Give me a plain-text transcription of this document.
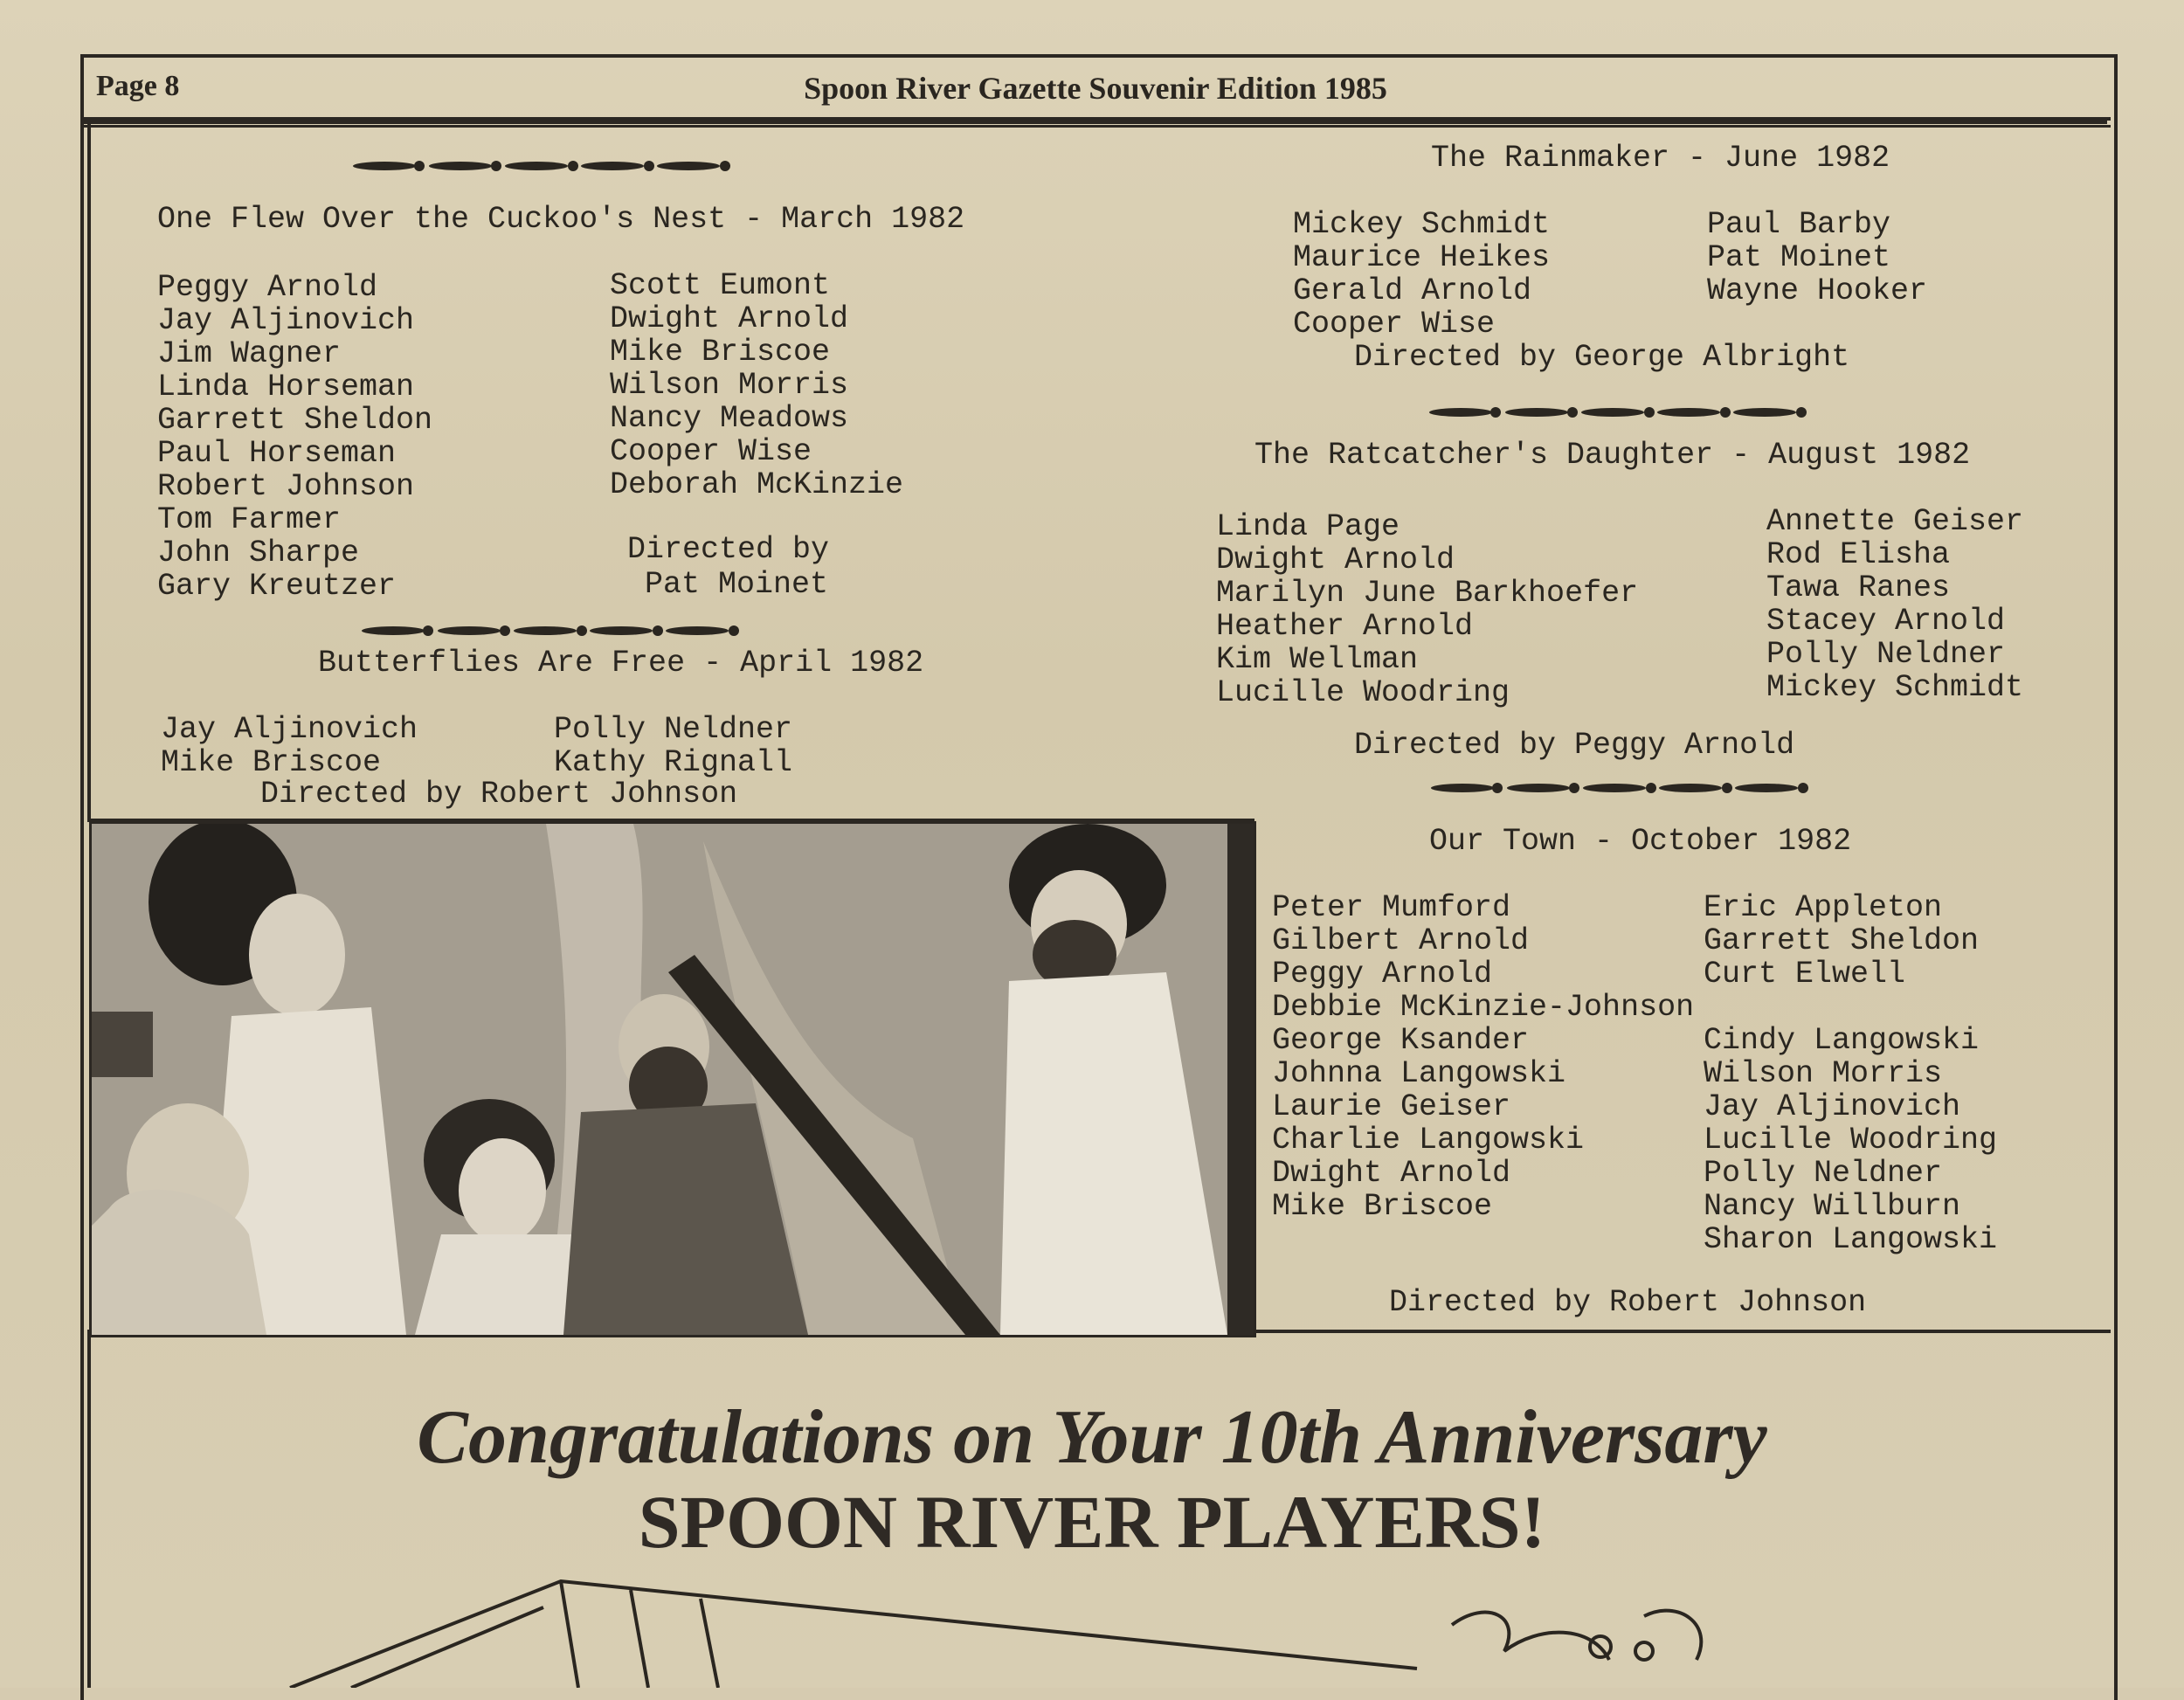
Page 8	Spoon River Gazette Souvenir Edition 1985
One Flew Over the Cuckoo's Nest - March 1982
Peggy Arnold
Jay Aljinovich
Jim Wagner
Linda Horseman
Garrett Sheldon
Paul Horseman
Robert Johnson
Tom Farmer
John Sharpe
Gary Kreutzer
Scott Eumont
Dwight Arnold
Mike Briscoe
Wilson Morris
Nancy Meadows
Cooper Wise
Deborah McKinzie
Directed by
Pat Moinet
Butterflies Are Free - April 1982
Jay Aljinovich
Mike Briscoe
Polly Neldner
Kathy Rignall
Directed by Robert Johnson
The Rainmaker - June 1982
Mickey Schmidt
Maurice Heikes
Gerald Arnold
Cooper Wise
Paul Barby
Pat Moinet
Wayne Hooker
Directed by George Albright
The Ratcatcher's Daughter - August 1982
Linda Page
Dwight Arnold
Marilyn June Barkhoefer
Heather Arnold
Kim Wellman
Lucille Woodring
Annette Geiser
Rod Elisha
Tawa Ranes
Stacey Arnold
Polly Neldner
Mickey Schmidt
Directed by Peggy Arnold
Our Town - October 1982
Peter Mumford
Gilbert Arnold
Peggy Arnold
Debbie McKinzie-Johnson
George Ksander
Johnna Langowski
Laurie Geiser
Charlie Langowski
Dwight Arnold
Mike Briscoe
Eric Appleton
Garrett Sheldon
Curt Elwell

Cindy Langowski
Wilson Morris
Jay Aljinovich
Lucille Woodring
Polly Neldner
Nancy Willburn
Sharon Langowski
Directed by Robert Johnson
Congratulations on Your 10th Anniversary
SPOON RIVER PLAYERS!
